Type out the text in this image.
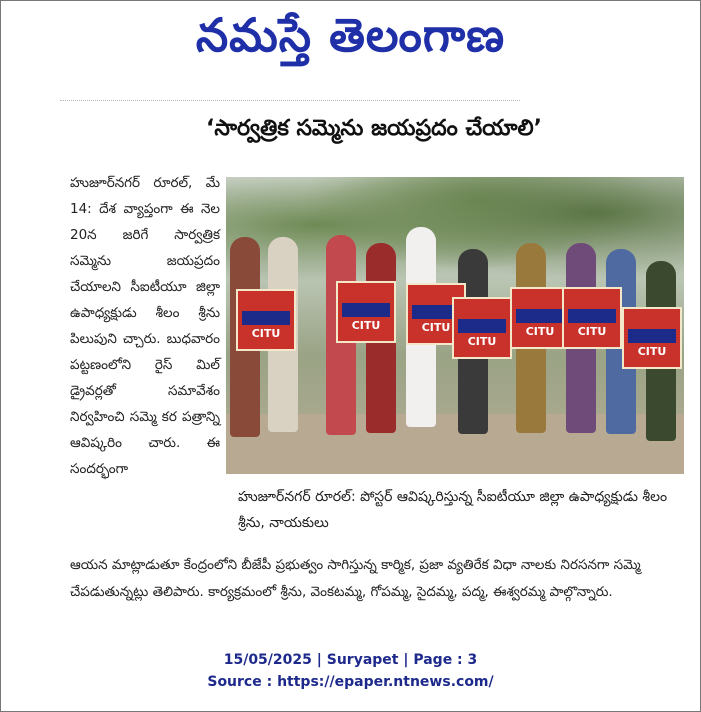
నమస్తే తెలంగాణ
‘సార్వత్రిక సమ్మెను జయప్రదం చేయాలి’
హుజూర్‌నగర్ రూరల్, మే 14: దేశ వ్యాప్తంగా ఈ నెల 20న జరిగే సార్వత్రిక సమ్మెను జయప్రదం చేయాలని సీఐటీయూ జిల్లా ఉపాధ్యక్షుడు శీలం శ్రీను పిలుపుని చ్చారు. బుధవారం పట్టణంలోని రైస్ మిల్ డ్రైవర్లతో సమావేశం నిర్వహించి సమ్మె కర పత్రాన్ని ఆవిష్కరిం చారు. ఈ సందర్భంగా
CITU
CITU	CITU
CITU
CITU	CITU
CITU
హుజూర్‌నగర్ రూరల్: పోస్టర్ ఆవిష్కరిస్తున్న సీఐటీయూ జిల్లా ఉపాధ్యక్షుడు శీలం శ్రీను, నాయకులు
ఆయన మాట్లాడుతూ కేంద్రంలోని బీజేపీ ప్రభుత్వం సాగిస్తున్న కార్మిక, ప్రజా వ్యతిరేక విధా నాలకు నిరసనగా సమ్మె చేపడుతున్నట్లు తెలిపారు. కార్యక్రమంలో శ్రీను, వెంకటమ్మ, గోపమ్మ, సైదమ్మ, పద్మ, ఈశ్వరమ్మ పాల్గొన్నారు.
15/05/2025 | Suryapet | Page : 3
Source : https://epaper.ntnews.com/
